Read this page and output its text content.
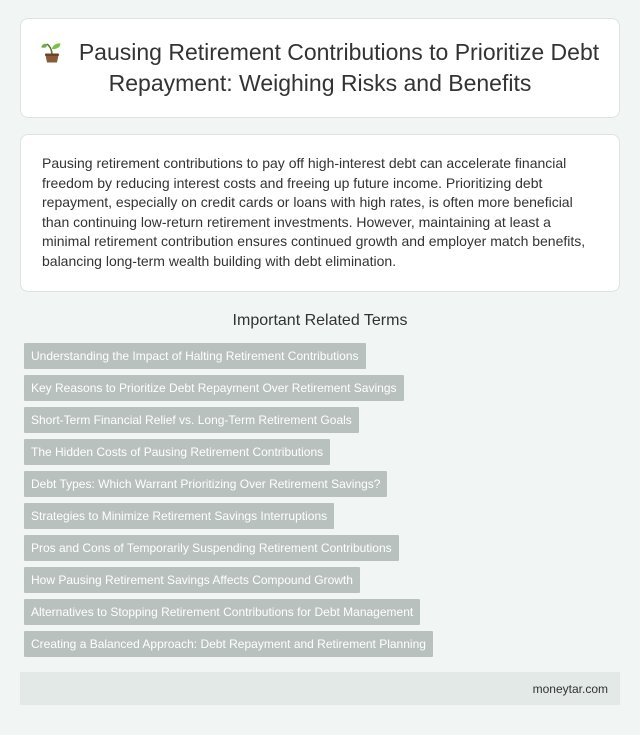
Pausing Retirement Contributions to Prioritize Debt Repayment: Weighing Risks and Benefits

Pausing retirement contributions to pay off high-interest debt can accelerate financial freedom by reducing interest costs and freeing up future income. Prioritizing debt repayment, especially on credit cards or loans with high rates, is often more beneficial than continuing low-return retirement investments. However, maintaining at least a minimal retirement contribution ensures continued growth and employer match benefits, balancing long-term wealth building with debt elimination.

Important Related Terms
Understanding the Impact of Halting Retirement Contributions
Key Reasons to Prioritize Debt Repayment Over Retirement Savings
Short-Term Financial Relief vs. Long-Term Retirement Goals
The Hidden Costs of Pausing Retirement Contributions
Debt Types: Which Warrant Prioritizing Over Retirement Savings?
Strategies to Minimize Retirement Savings Interruptions
Pros and Cons of Temporarily Suspending Retirement Contributions
How Pausing Retirement Savings Affects Compound Growth
Alternatives to Stopping Retirement Contributions for Debt Management
Creating a Balanced Approach: Debt Repayment and Retirement Planning
moneytar.com
